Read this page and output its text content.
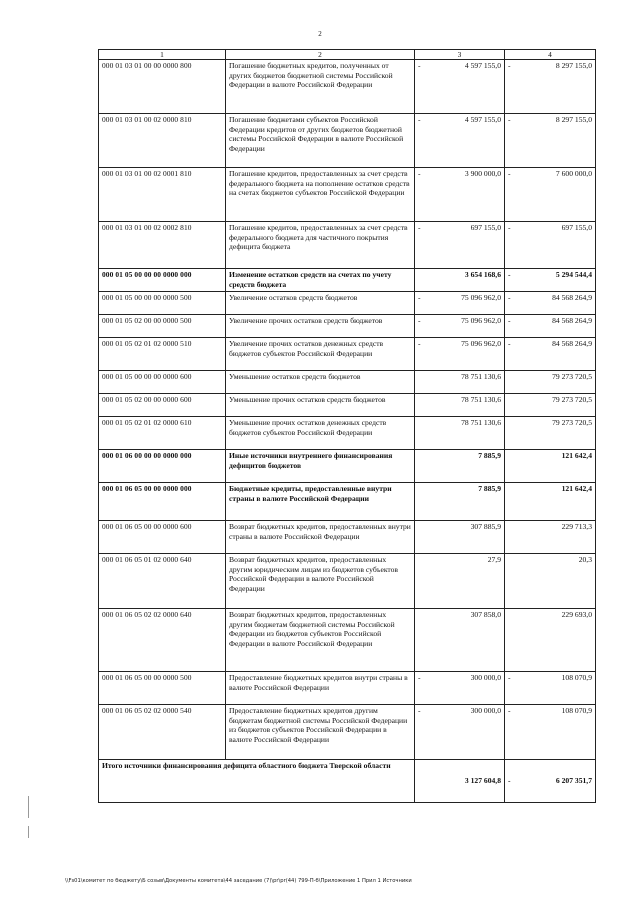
2
1	2	3	4
000 01 03 01 00 00 0000 800	Погашение бюджетных кредитов, полученных от других бюджетов бюджетной системы Российской Федерации в валюте Российской Федерации	- 4 597 155,0	- 8 297 155,0
000 01 03 01 00 02 0000 810	Погашение бюджетами субъектов Российской Федерации кредитов от других бюджетов бюджетной системы Российской Федерации в валюте Российской Федерации	- 4 597 155,0	- 8 297 155,0
000 01 03 01 00 02 0001 810	Погашение кредитов, предоставленных за счет средств федерального бюджета на пополнение остатков средств на счетах бюджетов субъектов Российской Федерации	- 3 900 000,0	- 7 600 000,0
000 01 03 01 00 02 0002 810	Погашение кредитов, предоставленных за счет средств федерального бюджета для частичного покрытия дефицита бюджета	- 697 155,0	- 697 155,0
000 01 05 00 00 00 0000 000	Изменение остатков средств на счетах по учету средств бюджета	3 654 168,6	- 5 294 544,4
000 01 05 00 00 00 0000 500	Увеличение остатков средств бюджетов	- 75 096 962,0	- 84 568 264,9
000 01 05 02 00 00 0000 500	Увеличение прочих остатков средств бюджетов	- 75 096 962,0	- 84 568 264,9
000 01 05 02 01 02 0000 510	Увеличение прочих остатков денежных средств бюджетов субъектов Российской Федерации	- 75 096 962,0	- 84 568 264,9
000 01 05 00 00 00 0000 600	Уменьшение остатков средств бюджетов	78 751 130,6	79 273 720,5
000 01 05 02 00 00 0000 600	Уменьшение прочих остатков средств бюджетов	78 751 130,6	79 273 720,5
000 01 05 02 01 02 0000 610	Уменьшение прочих остатков денежных средств бюджетов субъектов Российской Федерации	78 751 130,6	79 273 720,5
000 01 06 00 00 00 0000 000	Иные источники внутреннего финансирования дефицитов бюджетов	7 885,9	121 642,4
000 01 06 05 00 00 0000 000	Бюджетные кредиты, предоставленные внутри страны в валюте Российской Федерации	7 885,9	121 642,4
000 01 06 05 00 00 0000 600	Возврат бюджетных кредитов, предоставленных внутри страны в валюте Российской Федерации	307 885,9	229 713,3
000 01 06 05 01 02 0000 640	Возврат бюджетных кредитов, предоставленных другим юридическим лицам из бюджетов субъектов Российской Федерации в валюте Российской Федерации	27,9	20,3
000 01 06 05 02 02 0000 640	Возврат бюджетных кредитов, предоставленных другим бюджетам бюджетной системы Российской Федерации из бюджетов субъектов Российской Федерации в валюте Российской Федерации	307 858,0	229 693,0
000 01 06 05 00 00 0000 500	Предоставление бюджетных кредитов внутри страны в валюте Российской Федерации	- 300 000,0	- 108 070,9
000 01 06 05 02 02 0000 540	Предоставление бюджетных кредитов другим бюджетам бюджетной системы Российской Федерации из бюджетов субъектов Российской Федерации в валюте Российской Федерации	- 300 000,0	- 108 070,9
Итого источники финансирования дефицита областного бюджета Тверской области		3 127 604,8	- 6 207 351,7
\\Fs01\комитет по бюджету\Б созыв\Документы комитета\44 заседание (7)\pr\pr(44) 799-П-б\Приложение 1 Прил 1 Источники
